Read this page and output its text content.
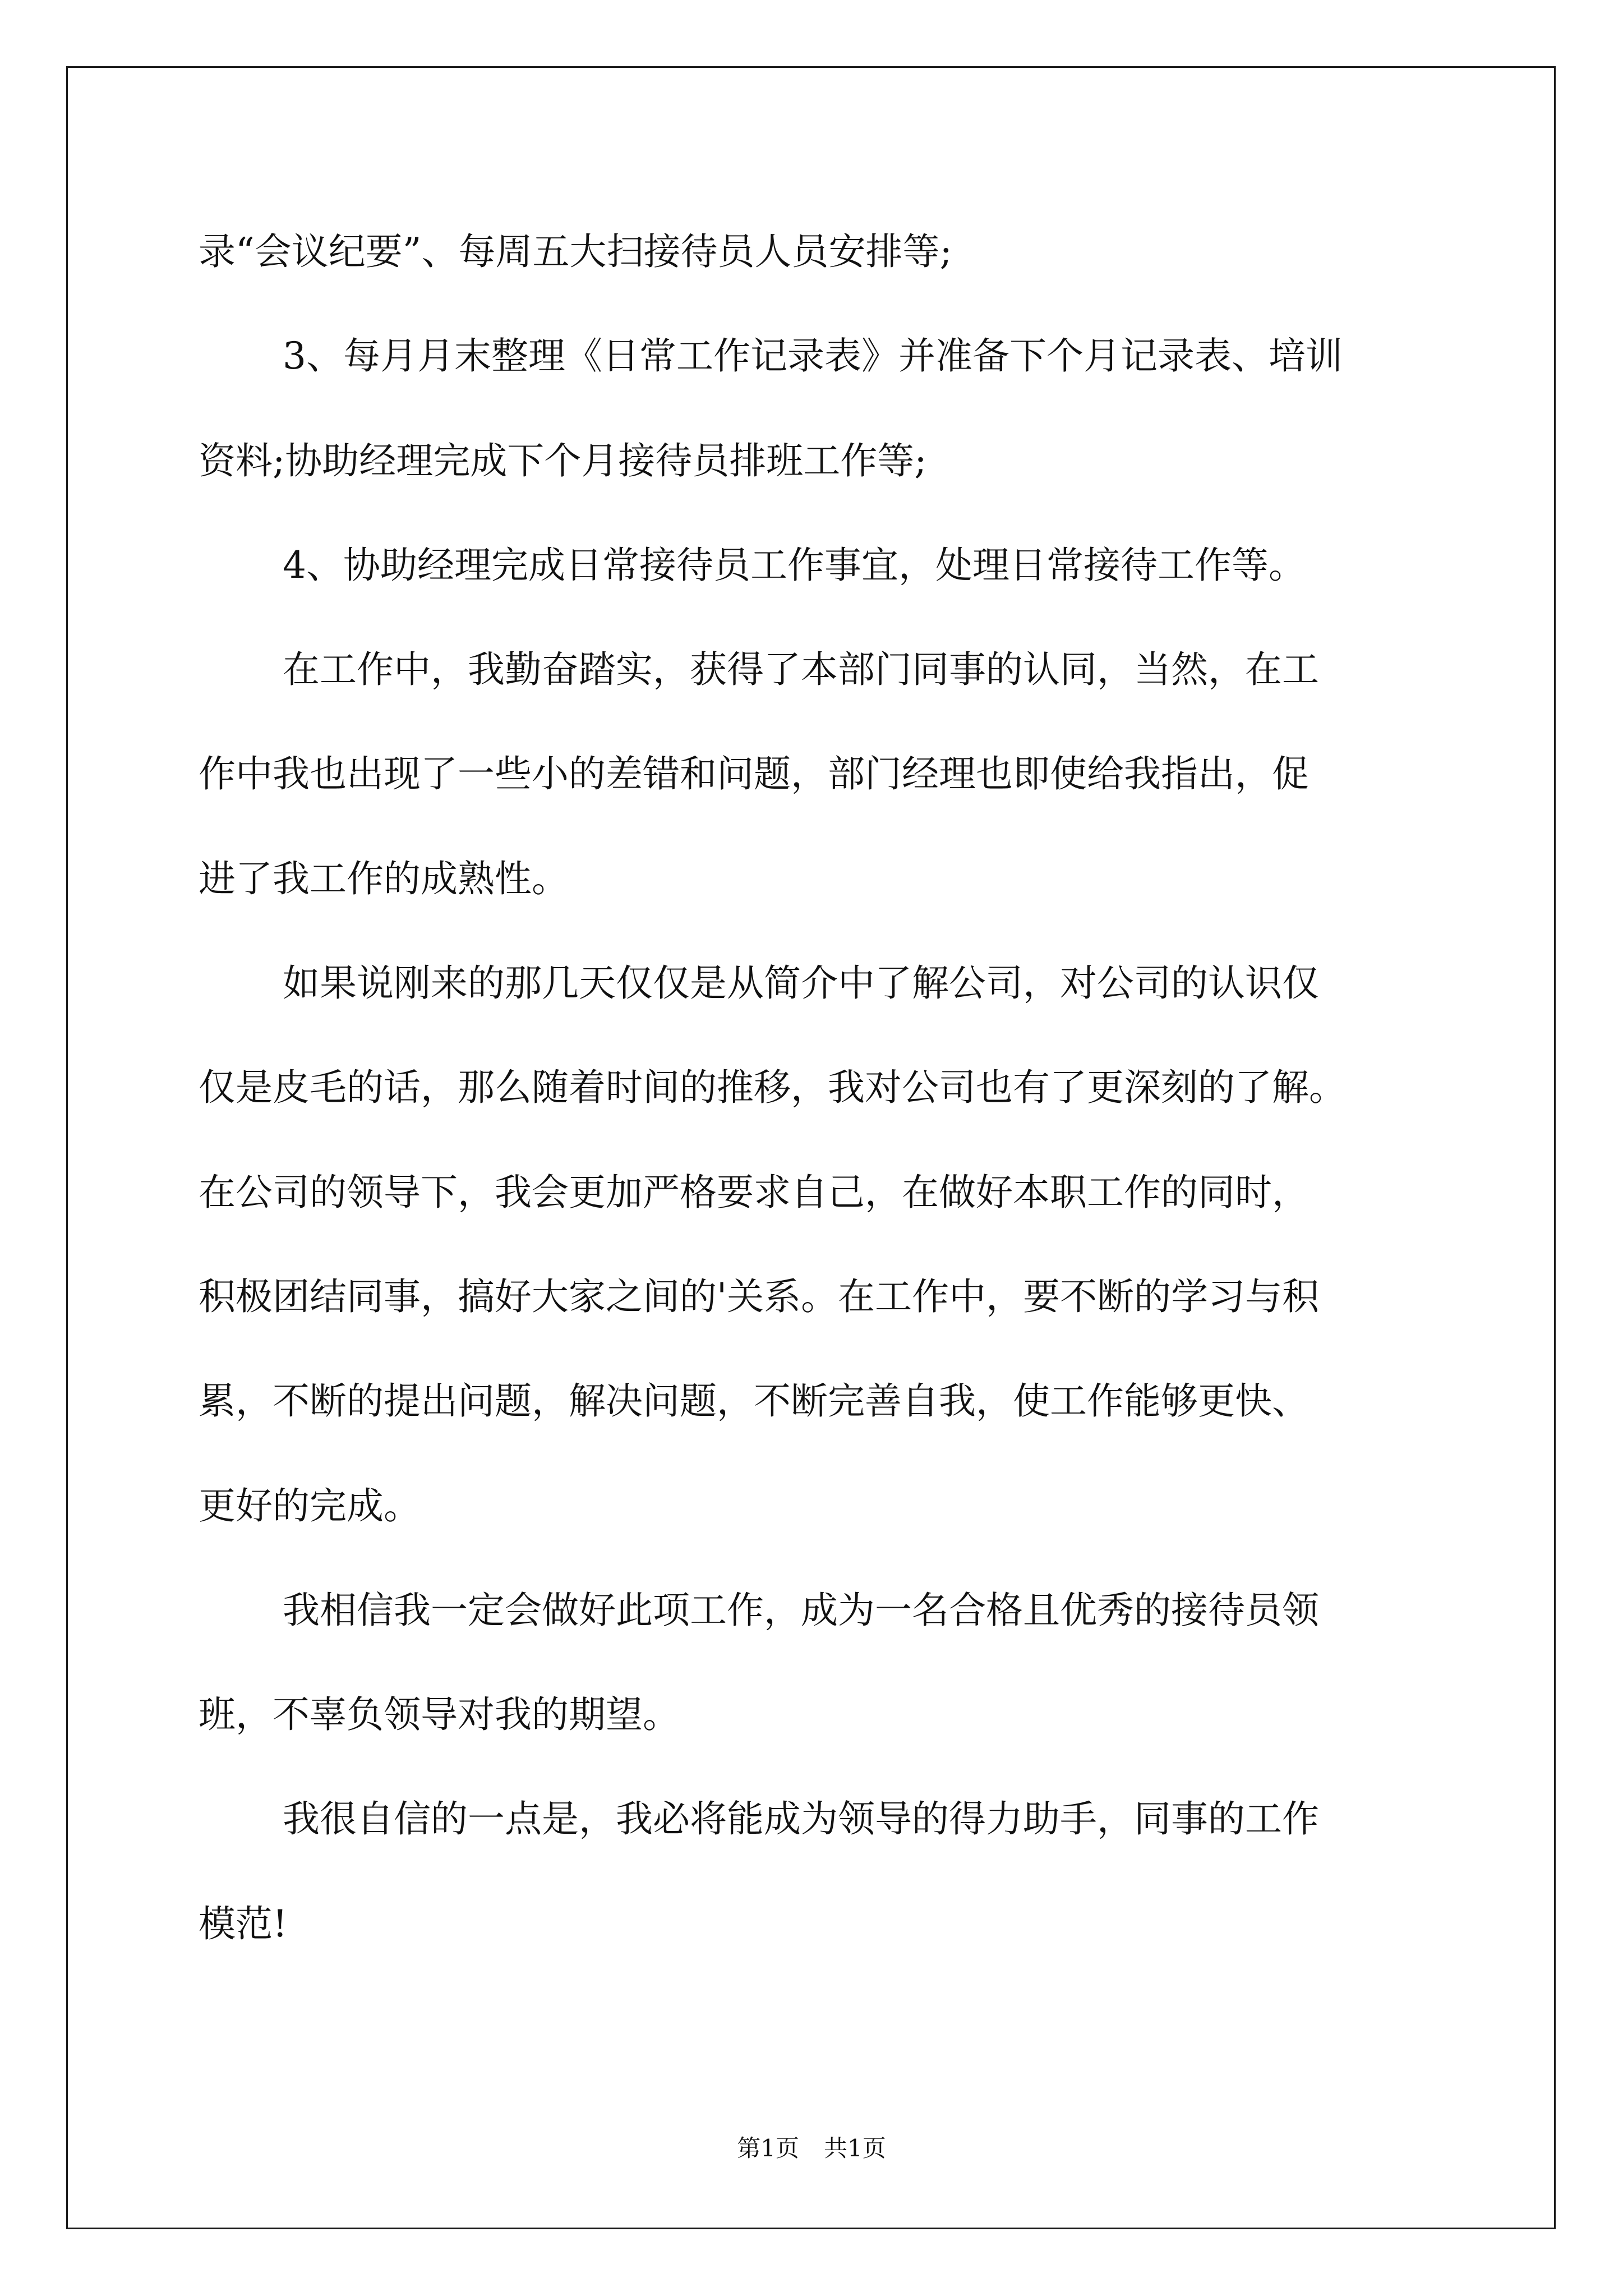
录“会议纪要”、每周五大扫接待员人员安排等;
3、每月月末整理《日常工作记录表》并准备下个月记录表、培训
资料;协助经理完成下个月接待员排班工作等;
4、协助经理完成日常接待员工作事宜，处理日常接待工作等。
在工作中，我勤奋踏实，获得了本部门同事的认同，当然，在工
作中我也出现了一些小的差错和问题，部门经理也即使给我指出，促
进了我工作的成熟性。
如果说刚来的那几天仅仅是从简介中了解公司，对公司的认识仅
仅是皮毛的话，那么随着时间的推移，我对公司也有了更深刻的了解。
在公司的领导下，我会更加严格要求自己，在做好本职工作的同时，
积极团结同事，搞好大家之间的'关系。在工作中，要不断的学习与积
累，不断的提出问题，解决问题，不断完善自我，使工作能够更快、
更好的完成。
我相信我一定会做好此项工作，成为一名合格且优秀的接待员领
班，不辜负领导对我的期望。
我很自信的一点是，我必将能成为领导的得力助手，同事的工作
模范!
第1页 共1页
